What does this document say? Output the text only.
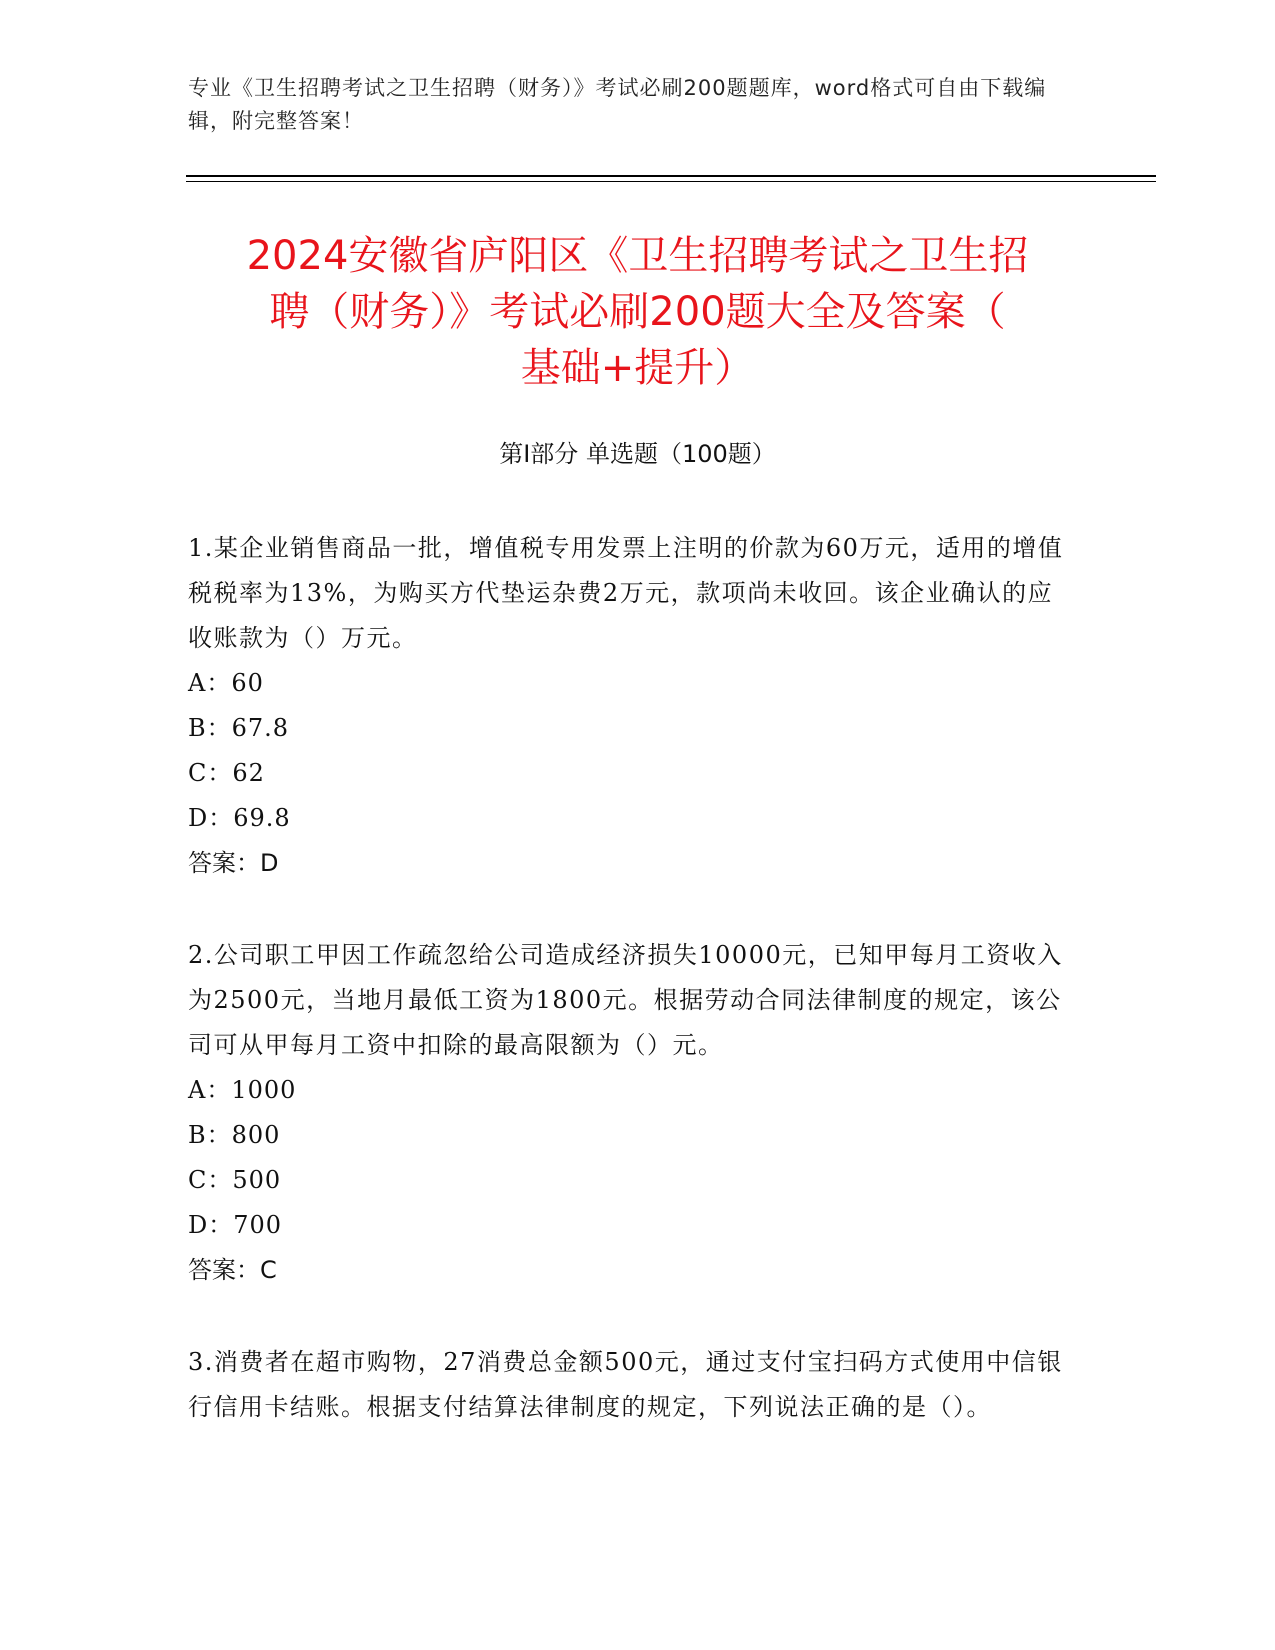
专业《卫生招聘考试之卫生招聘（财务）》考试必刷200题题库，word格式可自由下载编辑，附完整答案！
2024安徽省庐阳区《卫生招聘考试之卫生招
聘（财务）》考试必刷200题大全及答案（
基础+提升）
第I部分 单选题（100题）
1.某企业销售商品一批，增值税专用发票上注明的价款为60万元，适用的增值税税率为13%，为购买方代垫运杂费2万元，款项尚未收回。该企业确认的应收账款为（）万元。
A：60
B：67.8
C：62
D：69.8
答案：D
2.公司职工甲因工作疏忽给公司造成经济损失10000元，已知甲每月工资收入为2500元，当地月最低工资为1800元。根据劳动合同法律制度的规定，该公司可从甲每月工资中扣除的最高限额为（）元。
A：1000
B：800
C：500
D：700
答案：C
3.消费者在超市购物，27消费总金额500元，通过支付宝扫码方式使用中信银行信用卡结账。根据支付结算法律制度的规定，下列说法正确的是（）。
